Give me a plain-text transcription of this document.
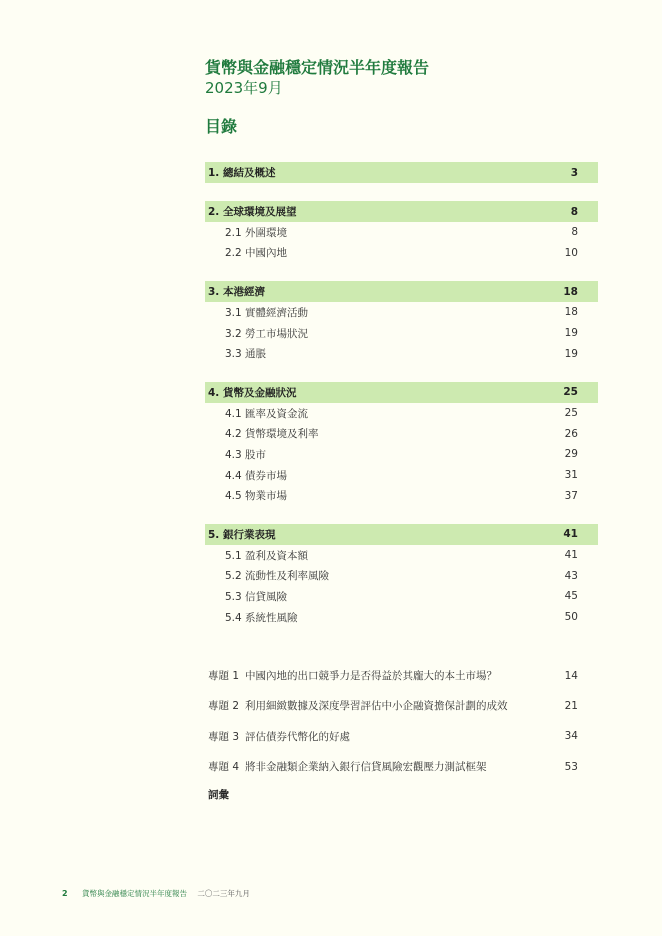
貨幣與金融穩定情況半年度報告
2023年9月
目錄
1. 總結及概述	3
2. 全球環境及展望	8
2.1 外圍環境	8
2.2 中國內地	10
3. 本港經濟	18
3.1 實體經濟活動	18
3.2 勞工市場狀況	19
3.3 通脹	19
4. 貨幣及金融狀況	25
4.1 匯率及資金流	25
4.2 貨幣環境及利率	26
4.3 股市	29
4.4 債券市場	31
4.5 物業市場	37
5. 銀行業表現	41
5.1 盈利及資本額	41
5.2 流動性及利率風險	43
5.3 信貸風險	45
5.4 系統性風險	50
專題 1 中國內地的出口競爭力是否得益於其龐大的本土市場？	14
專題 2 利用細緻數據及深度學習評估中小企融資擔保計劃的成效	21
專題 3 評估債券代幣化的好處	34
專題 4 將非金融類企業納入銀行信貸風險宏觀壓力測試框架	53
詞彙
2 貨幣與金融穩定情況半年度報告 二〇二三年九月
